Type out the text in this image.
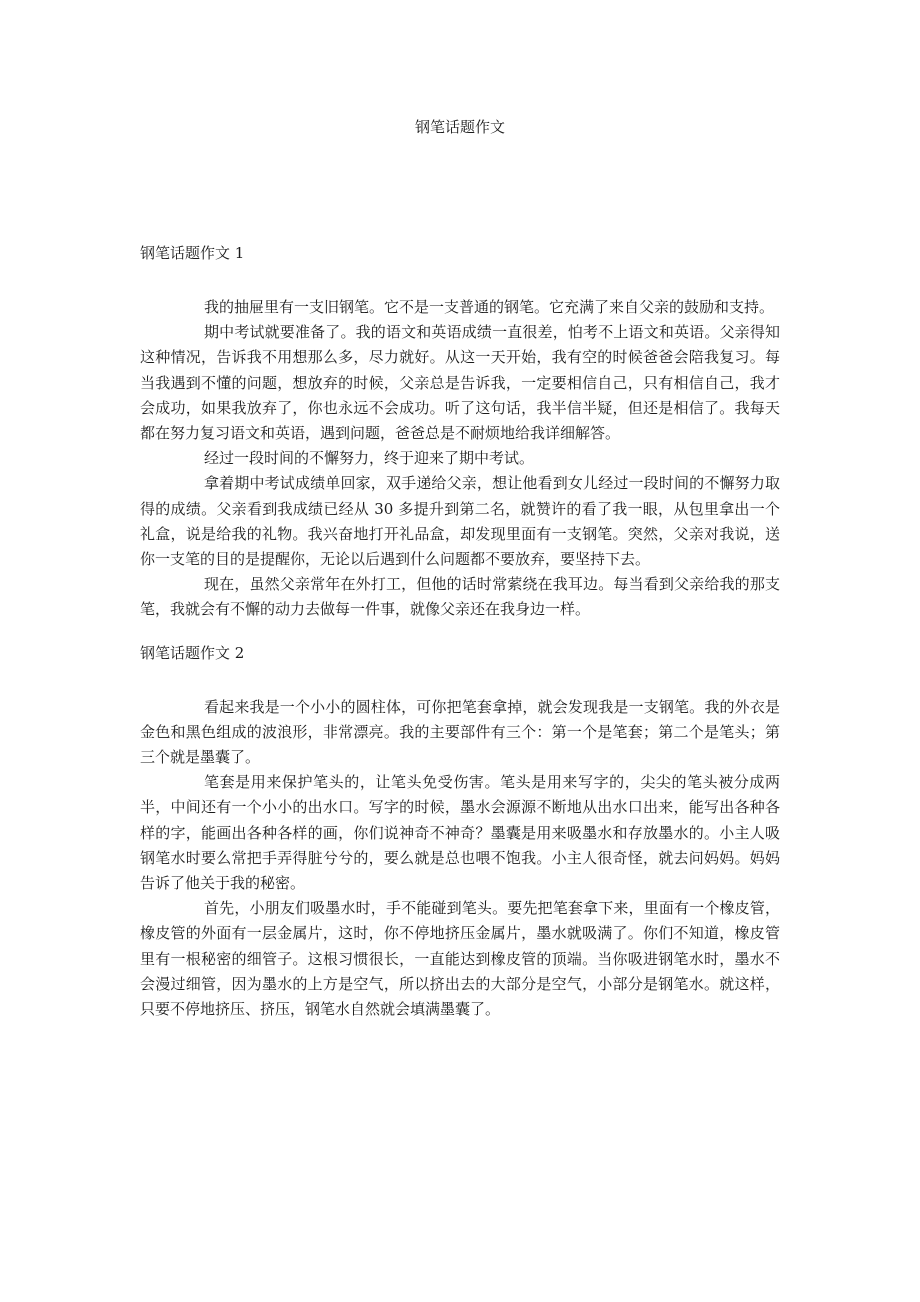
钢笔话题作文
钢笔话题作文 1

我的抽屉里有一支旧钢笔。它不是一支普通的钢笔。它充满了来自父亲的鼓励和支持。

期中考试就要准备了。我的语文和英语成绩一直很差，怕考不上语文和英语。父亲得知这种情况，告诉我不用想那么多，尽力就好。从这一天开始，我有空的时候爸爸会陪我复习。每当我遇到不懂的问题，想放弃的时候，父亲总是告诉我，一定要相信自己，只有相信自己，我才会成功，如果我放弃了，你也永远不会成功。听了这句话，我半信半疑，但还是相信了。我每天都在努力复习语文和英语，遇到问题，爸爸总是不耐烦地给我详细解答。

经过一段时间的不懈努力，终于迎来了期中考试。

拿着期中考试成绩单回家，双手递给父亲，想让他看到女儿经过一段时间的不懈努力取得的成绩。父亲看到我成绩已经从 30 多提升到第二名，就赞许的看了我一眼，从包里拿出一个礼盒，说是给我的礼物。我兴奋地打开礼品盒，却发现里面有一支钢笔。突然，父亲对我说，送你一支笔的目的是提醒你，无论以后遇到什么问题都不要放弃，要坚持下去。

现在，虽然父亲常年在外打工，但他的话时常萦绕在我耳边。每当看到父亲给我的那支笔，我就会有不懈的动力去做每一件事，就像父亲还在我身边一样。

钢笔话题作文 2

看起来我是一个小小的圆柱体，可你把笔套拿掉，就会发现我是一支钢笔。我的外衣是金色和黑色组成的波浪形，非常漂亮。我的主要部件有三个：第一个是笔套；第二个是笔头；第三个就是墨囊了。

笔套是用来保护笔头的，让笔头免受伤害。笔头是用来写字的，尖尖的笔头被分成两半，中间还有一个小小的出水口。写字的时候，墨水会源源不断地从出水口出来，能写出各种各样的字，能画出各种各样的画，你们说神奇不神奇？墨囊是用来吸墨水和存放墨水的。小主人吸钢笔水时要么常把手弄得脏兮兮的，要么就是总也喂不饱我。小主人很奇怪，就去问妈妈。妈妈告诉了他关于我的秘密。

首先，小朋友们吸墨水时，手不能碰到笔头。要先把笔套拿下来，里面有一个橡皮管，橡皮管的外面有一层金属片，这时，你不停地挤压金属片，墨水就吸满了。你们不知道，橡皮管里有一根秘密的细管子。这根习惯很长，一直能达到橡皮管的顶端。当你吸进钢笔水时，墨水不会漫过细管，因为墨水的上方是空气，所以挤出去的大部分是空气，小部分是钢笔水。就这样，只要不停地挤压、挤压，钢笔水自然就会填满墨囊了。
